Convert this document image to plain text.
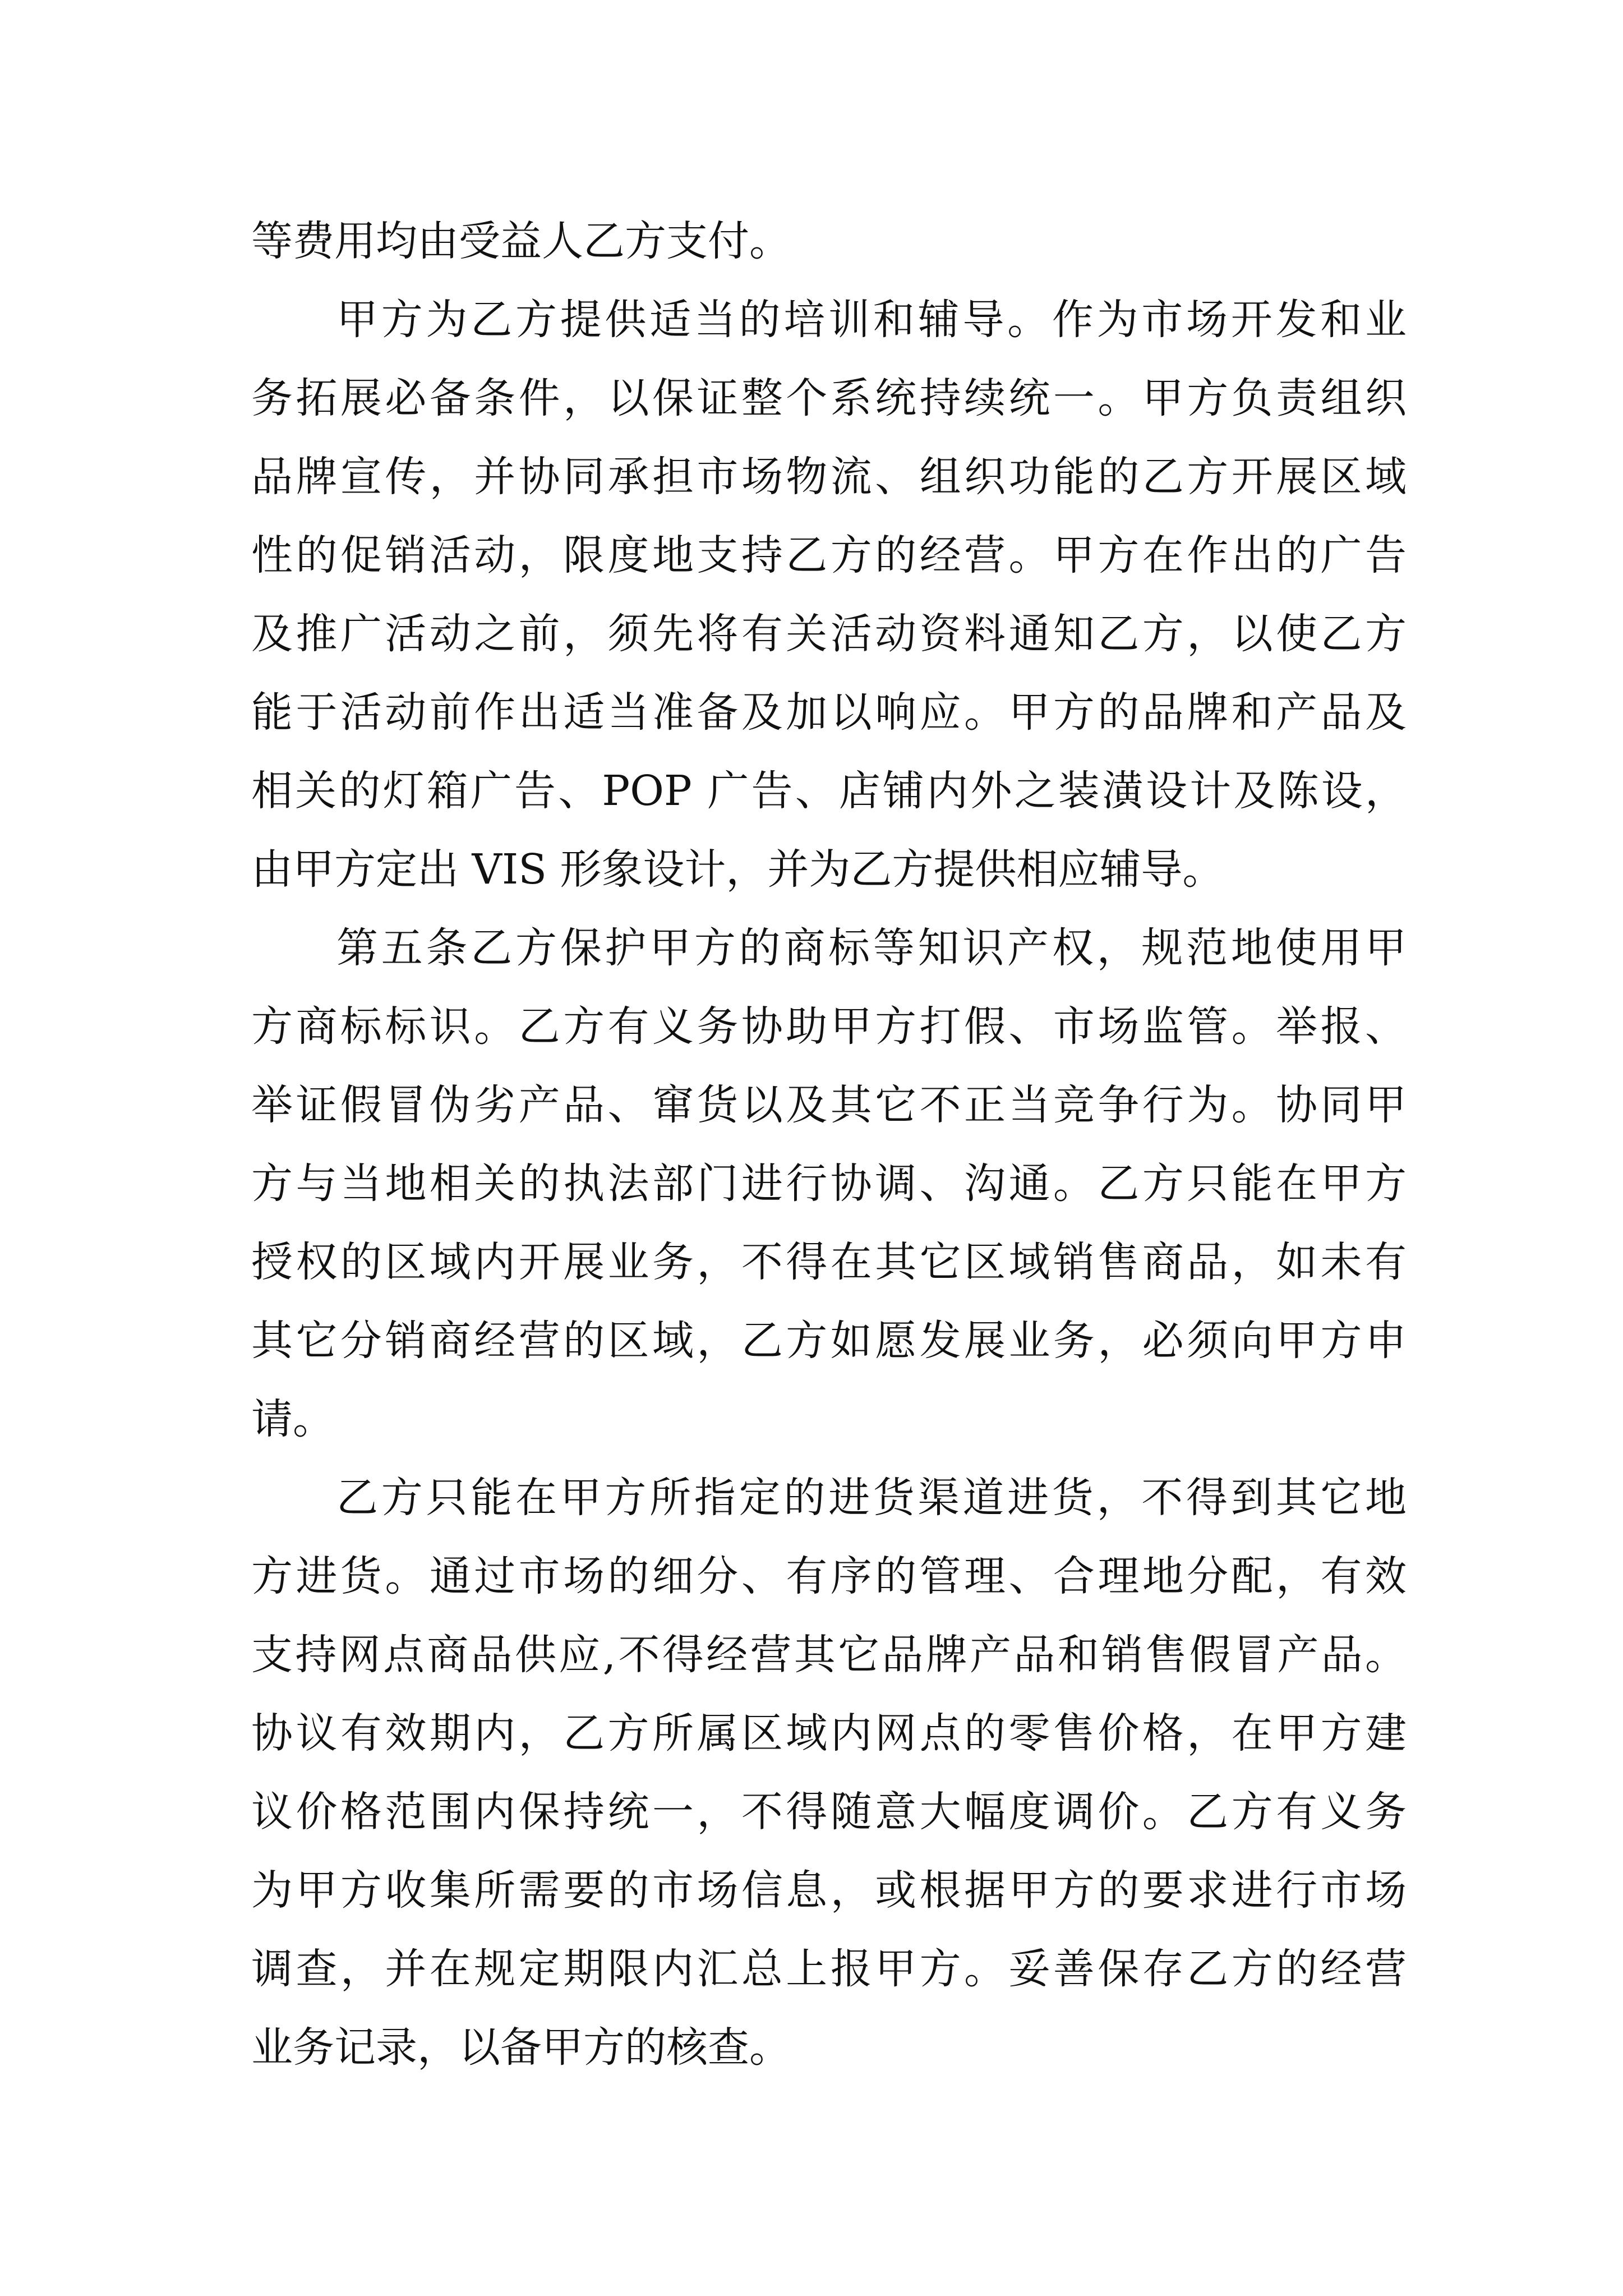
等费用均由受益人乙方支付。
甲方为乙方提供适当的培训和辅导。作为市场开发和业
务拓展必备条件，以保证整个系统持续统一。甲方负责组织
品牌宣传，并协同承担市场物流、组织功能的乙方开展区域
性的促销活动，限度地支持乙方的经营。甲方在作出的广告
及推广活动之前，须先将有关活动资料通知乙方，以使乙方
能于活动前作出适当准备及加以响应。甲方的品牌和产品及
相关的灯箱广告、POP 广告、店铺内外之装潢设计及陈设，
由甲方定出 VIS 形象设计，并为乙方提供相应辅导。
第五条乙方保护甲方的商标等知识产权，规范地使用甲
方商标标识。乙方有义务协助甲方打假、市场监管。举报、
举证假冒伪劣产品、窜货以及其它不正当竞争行为。协同甲
方与当地相关的执法部门进行协调、沟通。乙方只能在甲方
授权的区域内开展业务，不得在其它区域销售商品，如未有
其它分销商经营的区域，乙方如愿发展业务，必须向甲方申
请。
乙方只能在甲方所指定的进货渠道进货，不得到其它地
方进货。通过市场的细分、有序的管理、合理地分配，有效
支持网点商品供应,不得经营其它品牌产品和销售假冒产品。
协议有效期内，乙方所属区域内网点的零售价格，在甲方建
议价格范围内保持统一，不得随意大幅度调价。乙方有义务
为甲方收集所需要的市场信息，或根据甲方的要求进行市场
调查，并在规定期限内汇总上报甲方。妥善保存乙方的经营
业务记录，以备甲方的核查。
